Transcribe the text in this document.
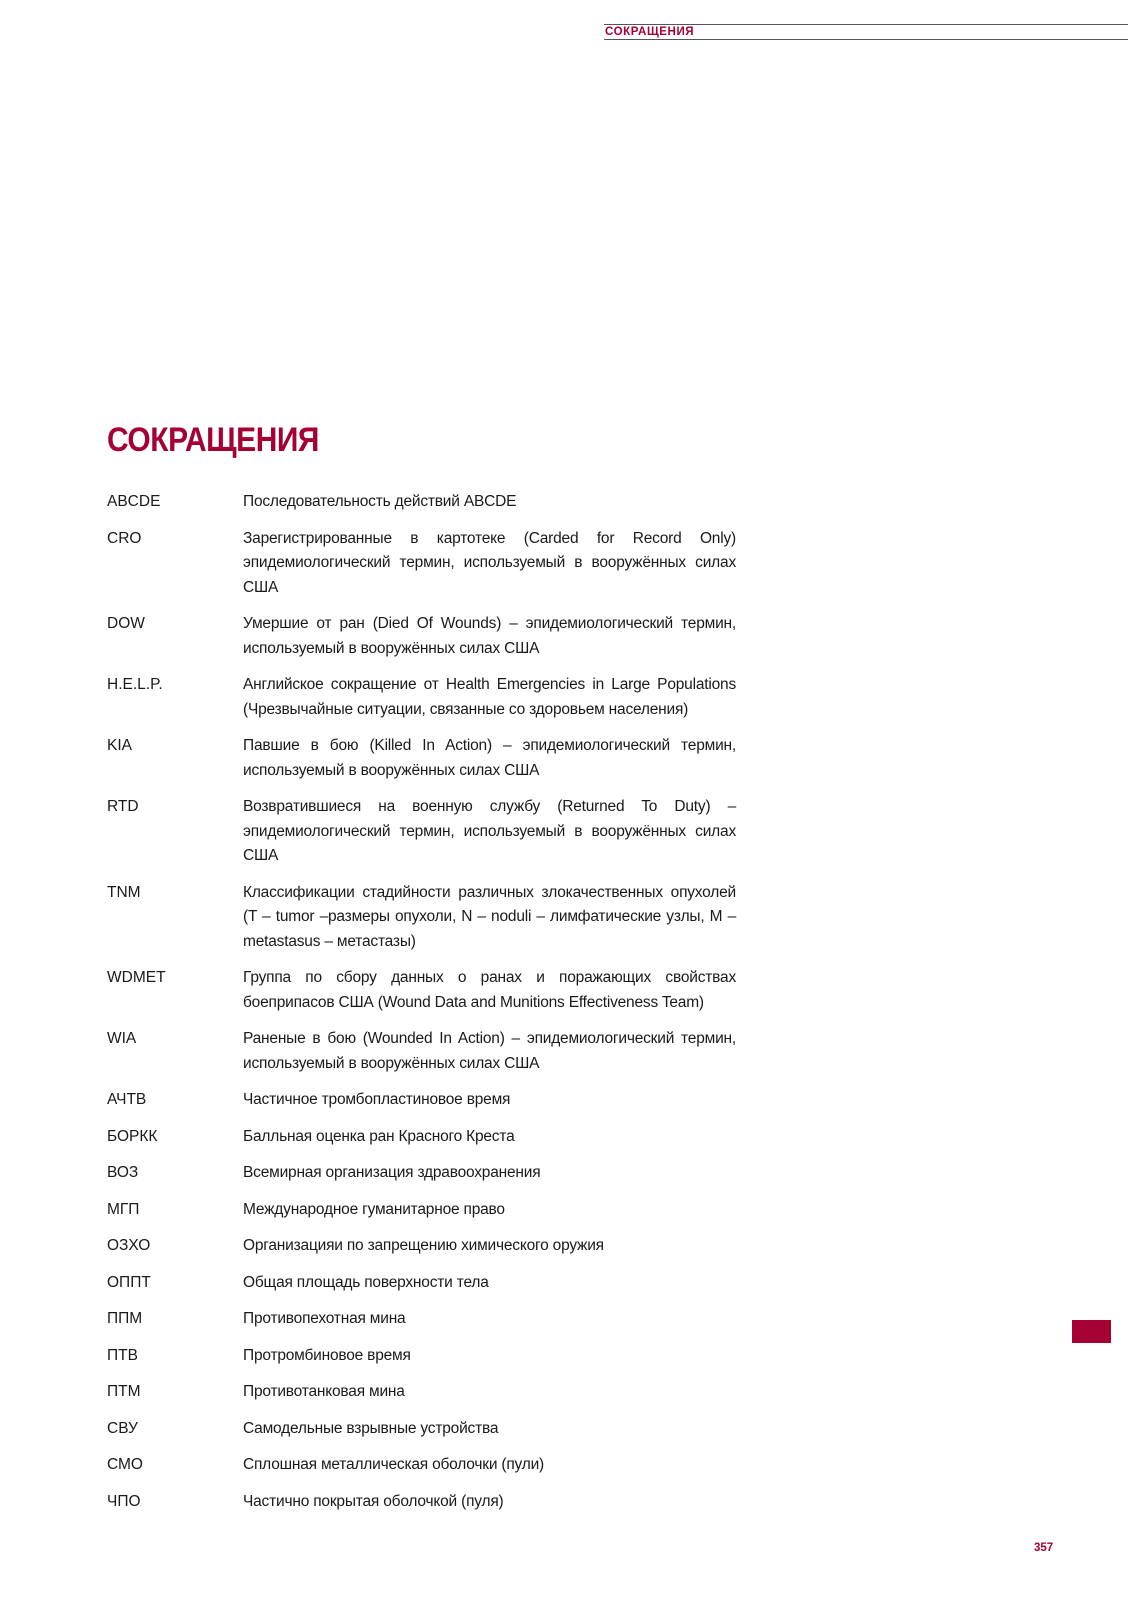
СОКРАЩЕНИЯ
СОКРАЩЕНИЯ
ABCDE	Последовательность действий ABCDE
CRO	Зарегистрированные в картотеке (Carded for Record Only) эпидемиологический термин, используемый в вооружённых силах США
DOW	Умершие от ран (Died Of Wounds) – эпидемиологический термин, используемый в вооружённых силах США
H.E.L.P.	Английское сокращение от Health Emergencies in Large Populations (Чрезвычайные ситуации, связанные со здоровьем населения)
KIA	Павшие в бою (Killed In Action) – эпидемиологический термин, используемый в вооружённых силах США
RTD	Возвратившиеся на военную службу (Returned To Duty) – эпидемиологический термин, используемый в вооружённых силах США
TNM	Классификации стадийности различных злокачественных опухолей (T – tumor –размеры опухоли, N – noduli – лимфатические узлы, M – metastasus – метастазы)
WDMET	Группа по сбору данных о ранах и поражающих свойствах боеприпасов США (Wound Data and Munitions Effectiveness Team)
WIA	Раненые в бою (Wounded In Action) – эпидемиологический термин, используемый в вооружённых силах США
АЧТВ	Частичное тромбопластиновое время
БОРКК	Балльная оценка ран Красного Креста
ВОЗ	Всемирная организация здравоохранения
МГП	Международное гуманитарное право
ОЗХО	Организацияи по запрещению химического оружия
ОППТ	Общая площадь поверхности тела
ППМ	Противопехотная мина
ПТВ	Протромбиновое время
ПТМ	Противотанковая мина
СВУ	Самодельные взрывные устройства
СМО	Сплошная металлическая оболочки (пули)
ЧПО	Частично покрытая оболочкой (пуля)
357
